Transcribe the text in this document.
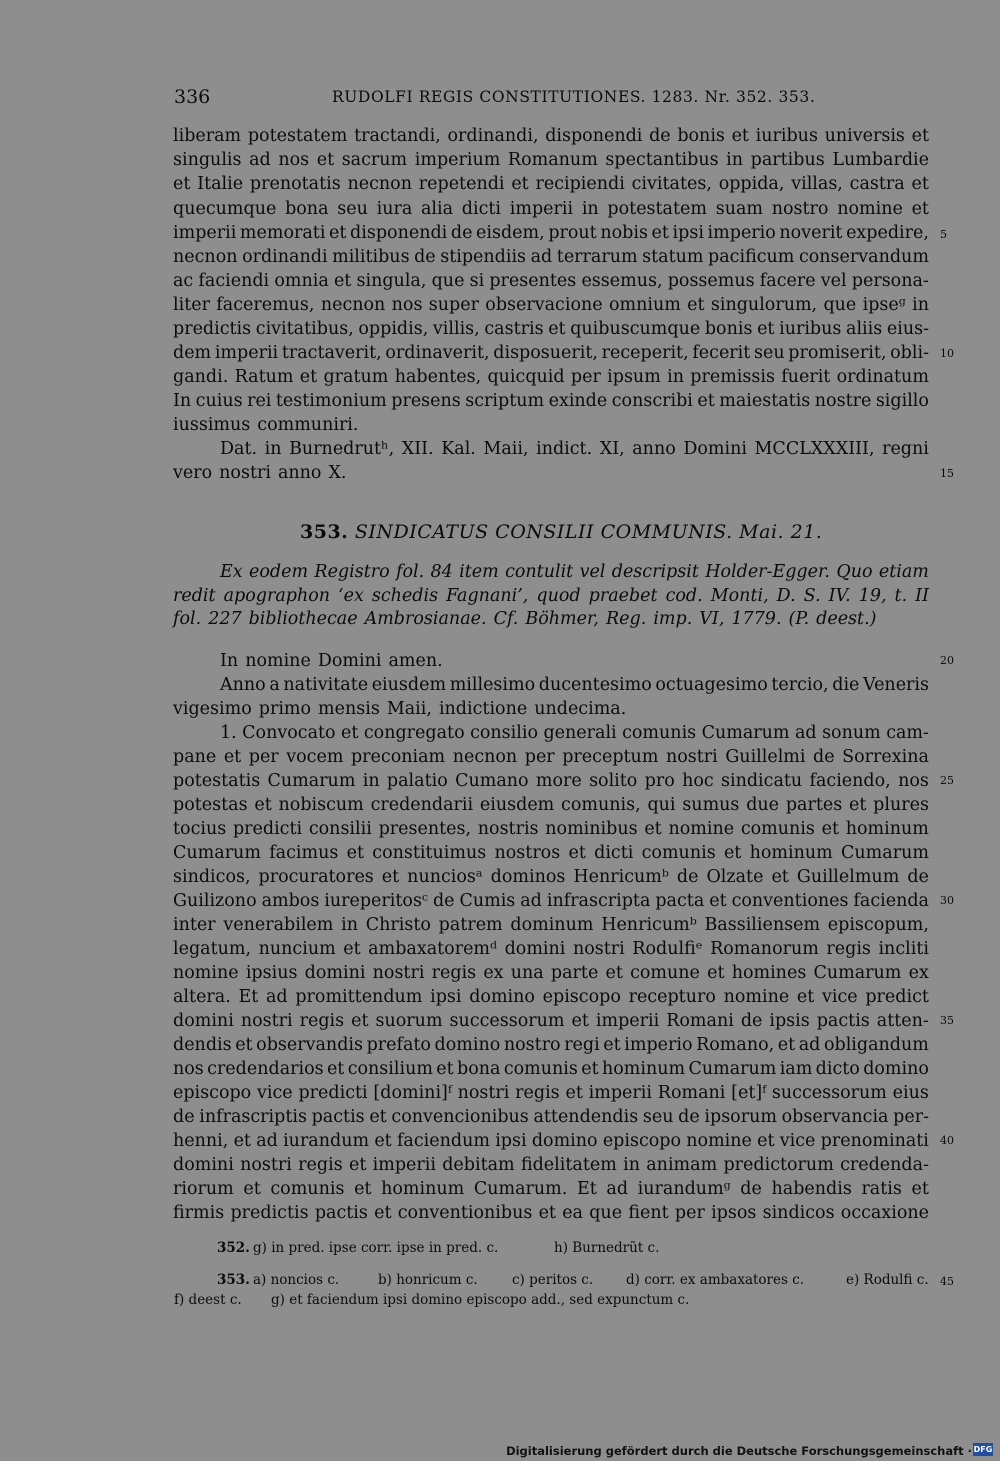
336	RUDOLFI REGIS CONSTITUTIONES. 1283. Nr. 352. 353.
liberam potestatem tractandi, ordinandi, disponendi de bonis et iuribus universis et
singulis ad nos et sacrum imperium Romanum spectantibus in partibus Lumbardie
et Italie prenotatis necnon repetendi et recipiendi civitates, oppida, villas, castra et
quecumque bona seu iura alia dicti imperii in potestatem suam nostro nomine et
imperii memorati et disponendi de eisdem, prout nobis et ipsi imperio noverit expedire,
necnon ordinandi militibus de stipendiis ad terrarum statum pacificum conservandum
ac faciendi omnia et singula, que si presentes essemus, possemus facere vel persona-
liter faceremus, necnon nos super observacione omnium et singulorum, que ipseᵍ in
predictis civitatibus, oppidis, villis, castris et quibuscumque bonis et iuribus aliis eius-
dem imperii tractaverit, ordinaverit, disposuerit, receperit, fecerit seu promiserit, obli-
gandi. Ratum et gratum habentes, quicquid per ipsum in premissis fuerit ordinatum
In cuius rei testimonium presens scriptum exinde conscribi et maiestatis nostre sigillo
iussimus communiri.
Dat. in Burnedrutʰ, XII. Kal. Maii, indict. XI, anno Domini MCCLXXXIII, regni
vero nostri anno X.
353. SINDICATUS CONSILII COMMUNIS. Mai. 21.
Ex eodem Registro fol. 84 item contulit vel descripsit Holder-Egger. Quo etiam
redit apographon ‘ex schedis Fagnani’, quod praebet cod. Monti, D. S. IV. 19, t. II
fol. 227 bibliothecae Ambrosianae. Cf. Böhmer, Reg. imp. VI, 1779. (P. deest.)
In nomine Domini amen.
Anno a nativitate eiusdem millesimo ducentesimo octuagesimo tercio, die Veneris
vigesimo primo mensis Maii, indictione undecima.
1. Convocato et congregato consilio generali comunis Cumarum ad sonum cam-
pane et per vocem preconiam necnon per preceptum nostri Guillelmi de Sorrexina
potestatis Cumarum in palatio Cumano more solito pro hoc sindicatu faciendo, nos
potestas et nobiscum credendarii eiusdem comunis, qui sumus due partes et plures
tocius predicti consilii presentes, nostris nominibus et nomine comunis et hominum
Cumarum facimus et constituimus nostros et dicti comunis et hominum Cumarum
sindicos, procuratores et nunciosᵃ dominos Henricumᵇ de Olzate et Guillelmum de
Guilizono ambos iureperitosᶜ de Cumis ad infrascripta pacta et conventiones facienda
inter venerabilem in Christo patrem dominum Henricumᵇ Bassiliensem episcopum,
legatum, nuncium et ambaxatoremᵈ domini nostri Rodulfiᵉ Romanorum regis incliti
nomine ipsius domini nostri regis ex una parte et comune et homines Cumarum ex
altera. Et ad promittendum ipsi domino episcopo recepturo nomine et vice predict
domini nostri regis et suorum successorum et imperii Romani de ipsis pactis atten-
dendis et observandis prefato domino nostro regi et imperio Romano, et ad obligandum
nos credendarios et consilium et bona comunis et hominum Cumarum iam dicto domino
episcopo vice predicti [domini]ᶠ nostri regis et imperii Romani [et]ᶠ successorum eius
de infrascriptis pactis et convencionibus attendendis seu de ipsorum observancia per-
henni, et ad iurandum et faciendum ipsi domino episcopo nomine et vice prenominati
domini nostri regis et imperii debitam fidelitatem in animam predictorum credenda-
riorum et comunis et hominum Cumarum. Et ad iurandumᵍ de habendis ratis et
firmis predictis pactis et conventionibus et ea que fient per ipsos sindicos occaxione
5
10
15
20
25
30
35
40
45
352. g) in pred. ipse corr. ipse in pred. c.	h) Burnedrũt c.
353. a) noncios c.	b) honricum c.	c) peritos c. d) corr. ex ambaxatores c.	e) Rodulfi c.
f) deest c. g) et faciendum ipsi domino episcopo add., sed expunctum c.
Digitalisierung gefördert durch die Deutsche Forschungsgemeinschaft · DFG
